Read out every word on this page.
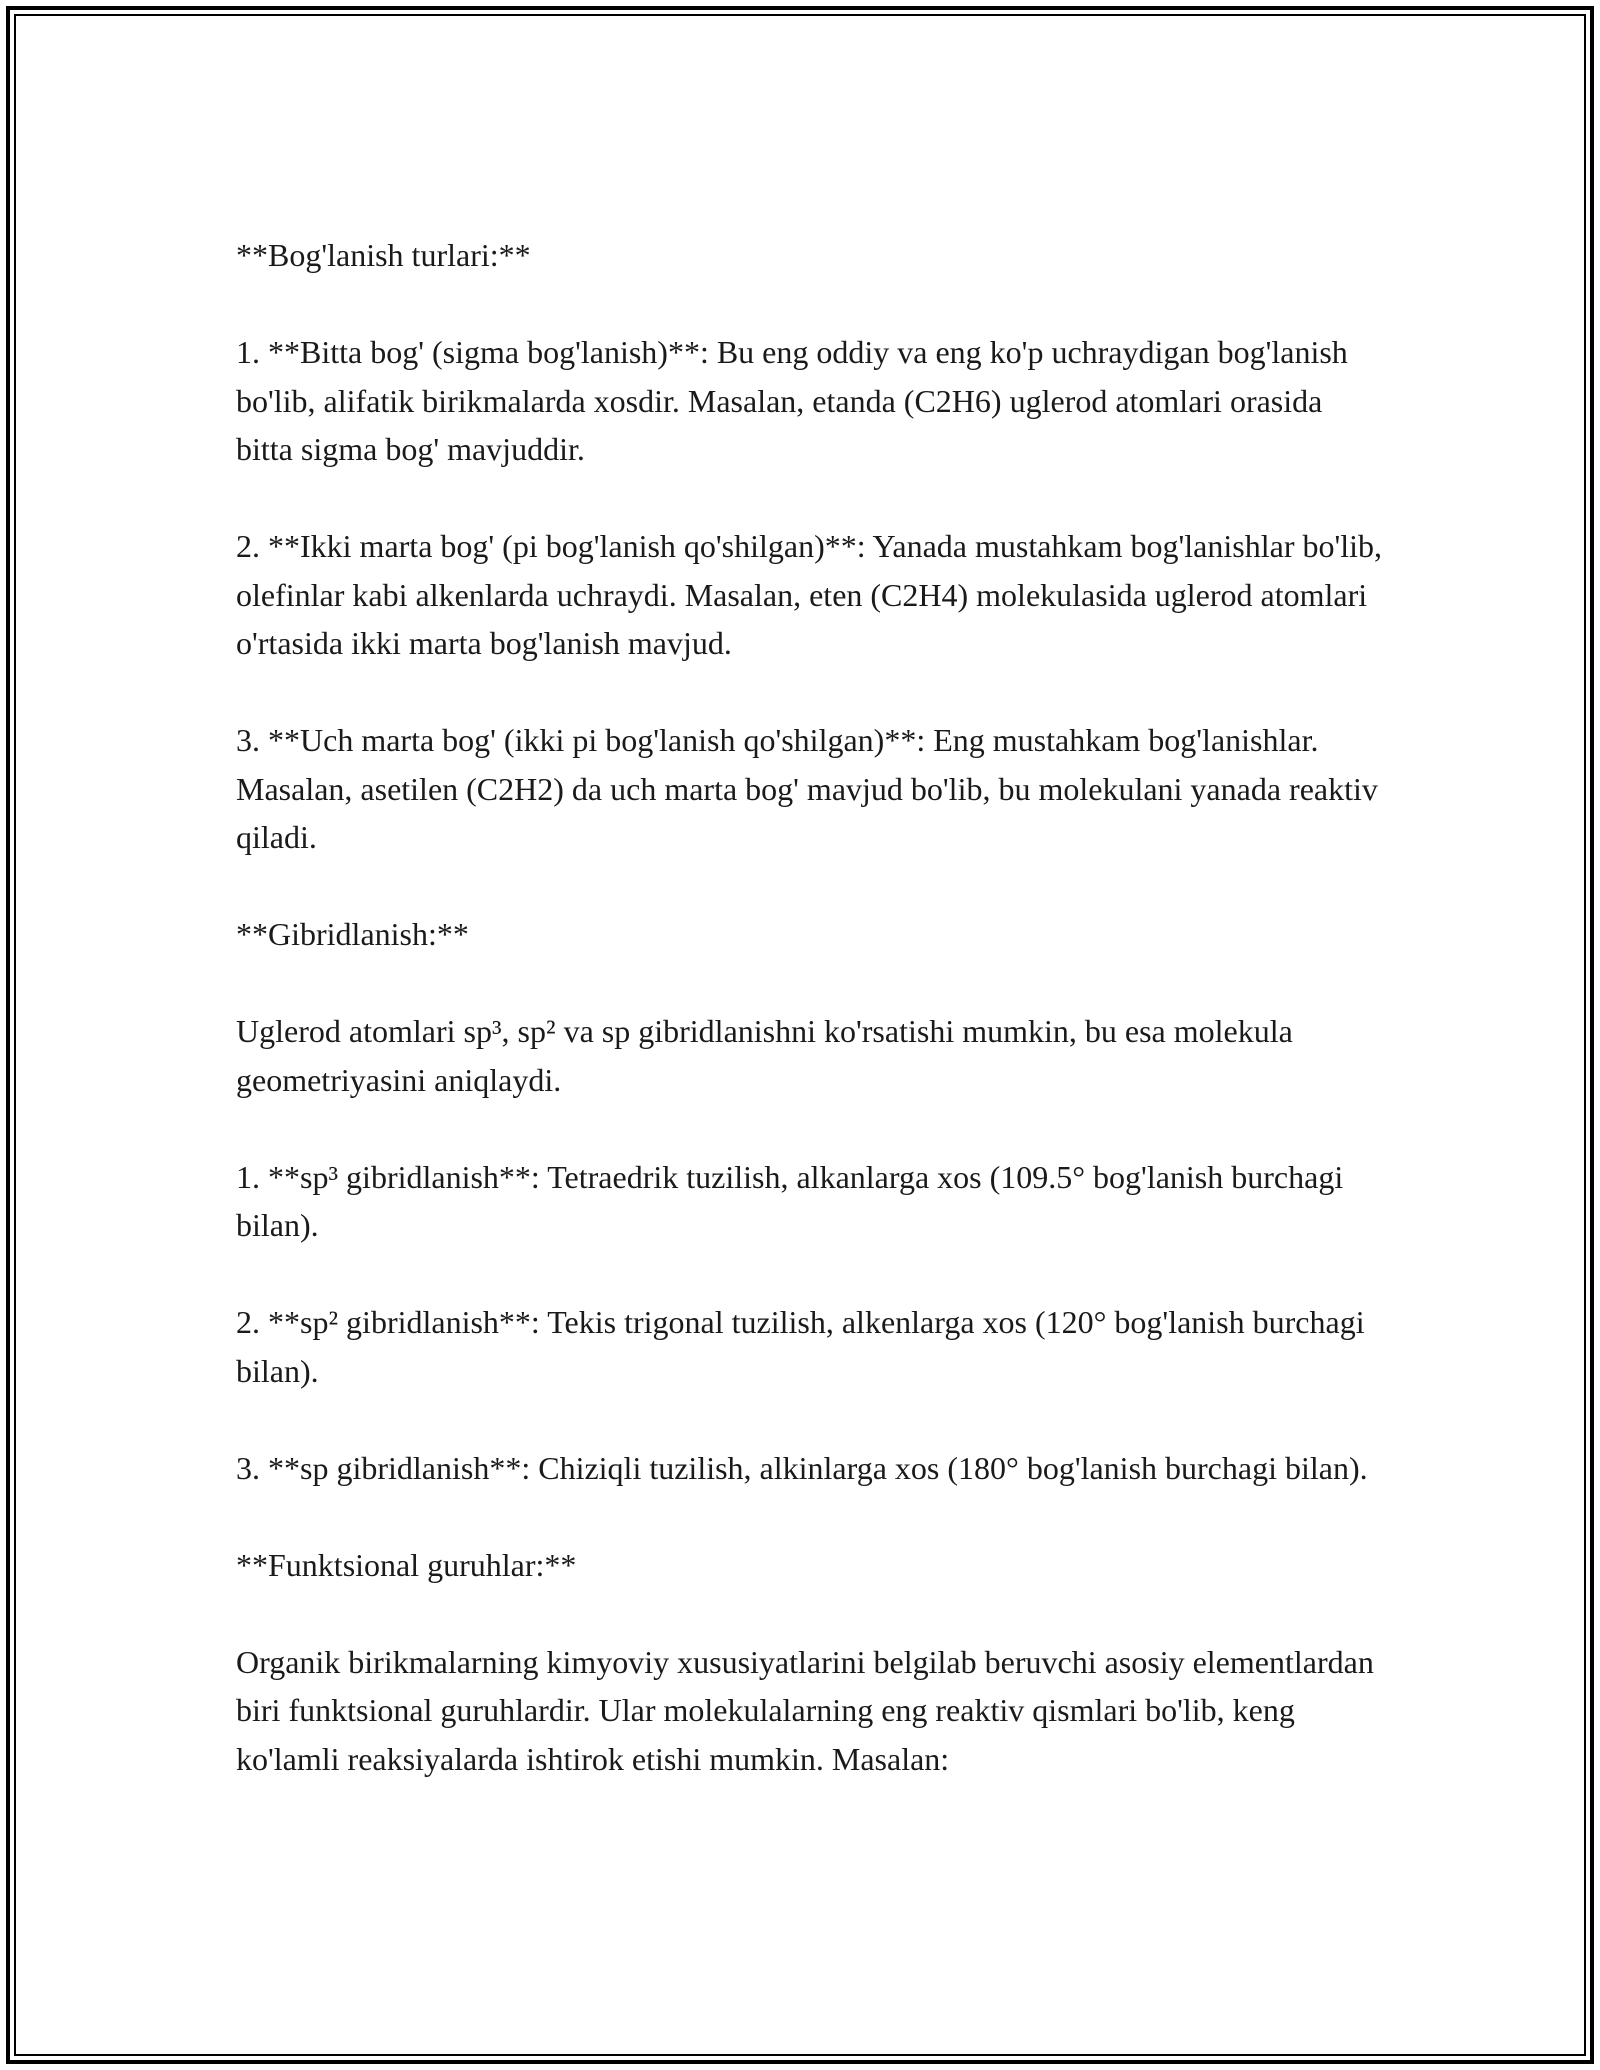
**Bog'lanish turlari:**

1. **Bitta bog' (sigma bog'lanish)**: Bu eng oddiy va eng ko'p uchraydigan bog'lanish bo'lib, alifatik birikmalarda xosdir. Masalan, etanda (C2H6) uglerod atomlari orasida bitta sigma bog' mavjuddir.

2. **Ikki marta bog' (pi bog'lanish qo'shilgan)**: Yanada mustahkam bog'lanishlar bo'lib, olefinlar kabi alkenlarda uchraydi. Masalan, eten (C2H4) molekulasida uglerod atomlari o'rtasida ikki marta bog'lanish mavjud.

3. **Uch marta bog' (ikki pi bog'lanish qo'shilgan)**: Eng mustahkam bog'lanishlar. Masalan, asetilen (C2H2) da uch marta bog' mavjud bo'lib, bu molekulani yanada reaktiv qiladi.

**Gibridlanish:**

Uglerod atomlari sp³, sp² va sp gibridlanishni ko'rsatishi mumkin, bu esa molekula geometriyasini aniqlaydi.

1. **sp³ gibridlanish**: Tetraedrik tuzilish, alkanlarga xos (109.5° bog'lanish burchagi bilan).

2. **sp² gibridlanish**: Tekis trigonal tuzilish, alkenlarga xos (120° bog'lanish burchagi bilan).

3. **sp gibridlanish**: Chiziqli tuzilish, alkinlarga xos (180° bog'lanish burchagi bilan).

**Funktsional guruhlar:**

Organik birikmalarning kimyoviy xususiyatlarini belgilab beruvchi asosiy elementlardan biri funktsional guruhlardir. Ular molekulalarning eng reaktiv qismlari bo'lib, keng ko'lamli reaksiyalarda ishtirok etishi mumkin. Masalan:
